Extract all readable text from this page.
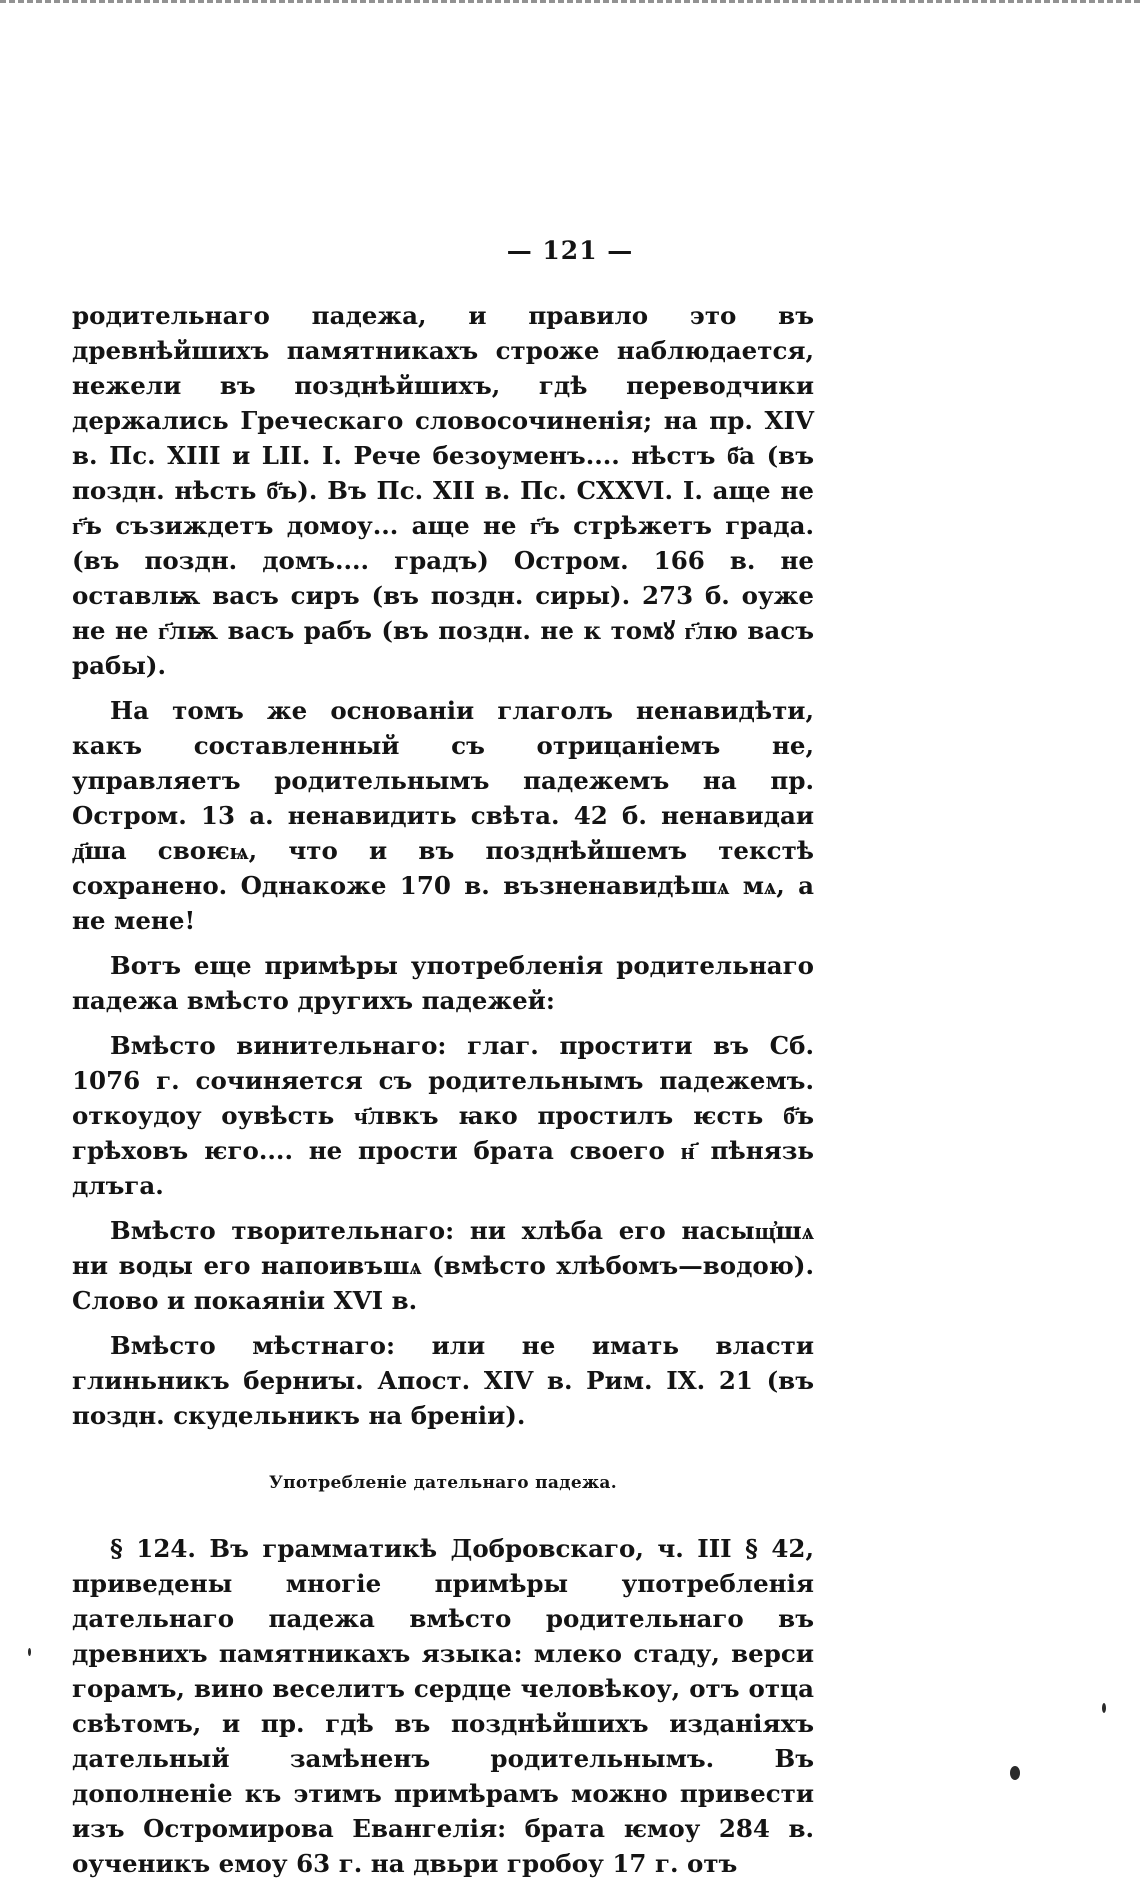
— 121 —

родительнаго падежа, и правило это въ древнѣйшихъ памятникахъ строже наблюдается, нежели въ позднѣйшихъ, гдѣ переводчики держались Греческаго словосочиненія; на пр. XIV в. Пс. XIII и LII. I. Рече безоуменъ.... нѣстъ б҃а (въ поздн. нѣсть б҃ъ). Въ Пс. XII в. Пс. CXXVI. I. аще не г҃ъ съзиждетъ домоу... аще не г҃ъ стрѣжетъ града. (въ поздн. домъ.... градъ) Остром. 166 в. не оставлѭ васъ сиръ (въ поздн. сиры). 273 б. оуже не не г҃лѭ васъ рабъ (въ поздн. не к томꙋ г҃лю васъ рабы).

На томъ же основаніи глаголъ ненавидѣти, какъ составленный съ отрицаніемъ не, управляетъ родительнымъ падежемъ на пр. Остром. 13 а. ненавидить свѣта. 42 б. ненавидаи д҃ша своѥѩ, что и въ позднѣйшемъ текстѣ сохранено. Однакоже 170 в. възненавидѣшѧ мѧ, а не мене!

Вотъ еще примѣры употребленія родительнаго падежа вмѣсто другихъ падежей:

Вмѣсто винительнаго: глаг. простити въ Сб. 1076 г. сочиняется съ родительнымъ падежемъ. откоудоу оувѣсть ч҃лвкъ ꙗко простилъ ѥсть б҃ъ грѣховъ ѥго.... не прости брата своего н҃ пѣнязь длъга.

Вмѣсто творительнаго: ни хлѣба его насыщ҆шѧ ни воды его напоивъшѧ (вмѣсто хлѣбомъ—водою). Слово и покаяніи XVI в.

Вмѣсто мѣстнаго: или не имать власти глиньникъ берниꙑ. Апост. XIV в. Рим. IX. 21 (въ поздн. скудельникъ на бреніи).

Употребленіе дательнаго падежа.

§ 124. Въ грамматикѣ Добровскаго, ч. III § 42, приведены многіе примѣры употребленія дательнаго падежа вмѣсто родительнаго въ древнихъ памятникахъ языка: млеко стаду, верси горамъ, вино веселитъ сердце человѣкоу, отъ отца свѣтомъ, и пр. гдѣ въ позднѣйшихъ изданіяхъ дательный замѣненъ родительнымъ. Въ дополненіе къ этимъ примѣрамъ можно привести изъ Остромирова Евангелія: брата ѥмоу 284 в. оученикъ емоу 63 г. на двьри гробоу 17 г. отъ
